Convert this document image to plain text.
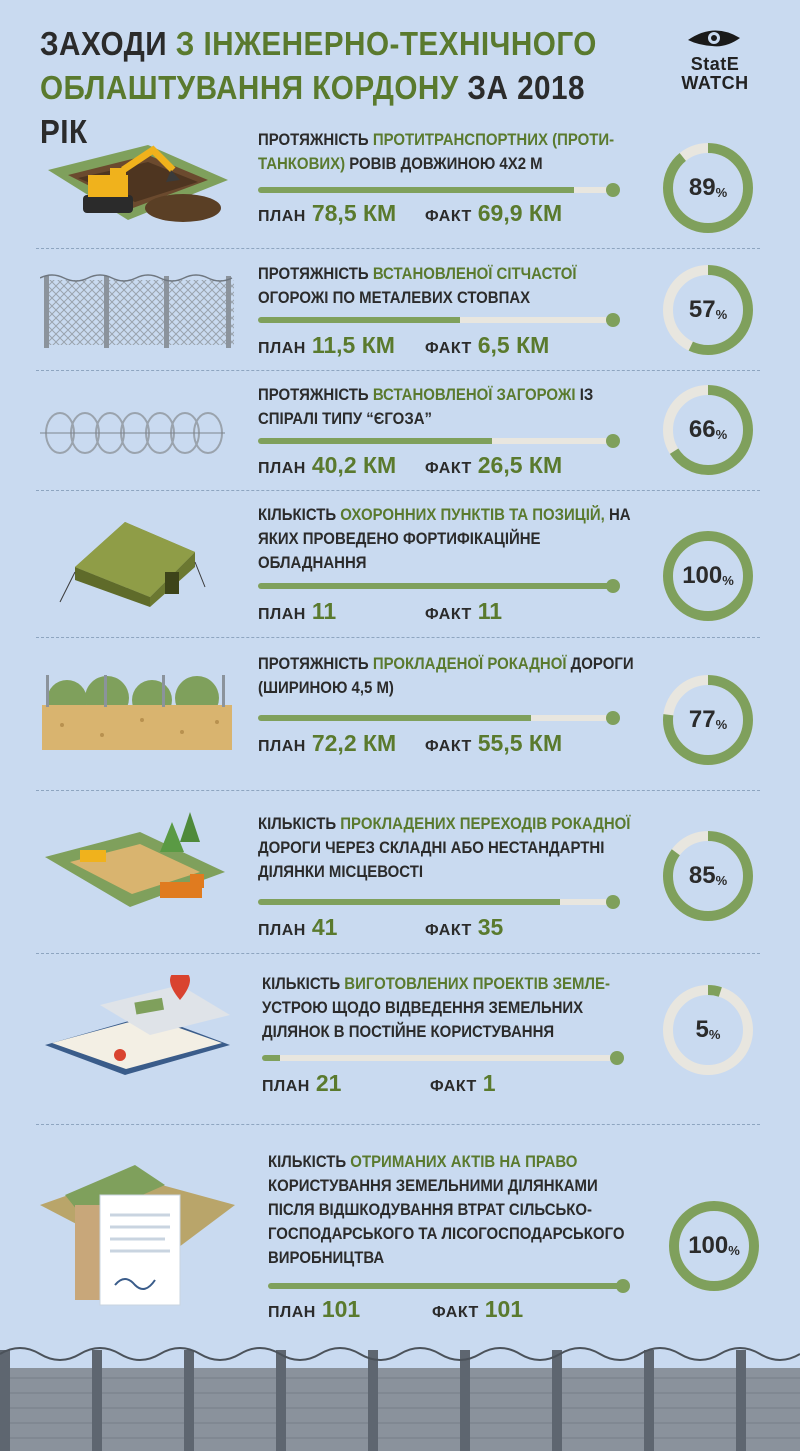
ЗАХОДИ З ІНЖЕНЕРНО-ТЕХНІЧНОГО ОБЛАШТУВАННЯ КОРДОНУ ЗА 2018 РІК
StatE
WATCH
ПРОТЯЖНІСТЬ ПРОТИТРАНСПОРТНИХ (ПРОТИ-ТАНКОВИХ) РОВІВ ДОВЖИНОЮ 4Х2 М
ПЛАН 78,5 КМ ФАКТ 69,9 КМ
89 %
ПРОТЯЖНІСТЬ ВСТАНОВЛЕНОЇ СІТЧАСТОЇ ОГОРОЖІ ПО МЕТАЛЕВИХ СТОВПАХ
ПЛАН 11,5 КМ ФАКТ 6,5 КМ
57 %
ПРОТЯЖНІСТЬ ВСТАНОВЛЕНОЇ ЗАГОРОЖІ ІЗ СПІРАЛІ ТИПУ “ЄГОЗА”
ПЛАН 40,2 КМ ФАКТ 26,5 КМ
66 %
КІЛЬКІСТЬ ОХОРОННИХ ПУНКТІВ ТА ПОЗИЦІЙ, НА ЯКИХ ПРОВЕДЕНО ФОРТИФІКАЦІЙНЕ ОБЛАДНАННЯ
ПЛАН 11	ФАКТ 11
100 %
ПРОТЯЖНІСТЬ ПРОКЛАДЕНОЇ РОКАДНОЇ ДОРОГИ (ШИРИНОЮ 4,5 М)
ПЛАН 72,2 КМ ФАКТ 55,5 КМ
77 %
КІЛЬКІСТЬ ПРОКЛАДЕНИХ ПЕРЕХОДІВ РОКАДНОЇ ДОРОГИ ЧЕРЕЗ СКЛАДНІ АБО НЕСТАНДАРТНІ ДІЛЯНКИ МІСЦЕВОСТІ
ПЛАН 41	ФАКТ 35
85 %
КІЛЬКІСТЬ ВИГОТОВЛЕНИХ ПРОЕКТІВ ЗЕМЛЕ- УСТРОЮ ЩОДО ВІДВЕДЕННЯ ЗЕМЕЛЬНИХ ДІЛЯНОК В ПОСТІЙНЕ КОРИСТУВАННЯ
ПЛАН 21	ФАКТ 1
5 %
КІЛЬКІСТЬ ОТРИМАНИХ АКТІВ НА ПРАВО КОРИСТУВАННЯ ЗЕМЕЛЬНИМИ ДІЛЯНКАМИ ПІСЛЯ ВІДШКОДУВАННЯ ВТРАТ СІЛЬСЬКО-ГОСПОДАРСЬКОГО ТА ЛІСОГОСПОДАРСЬКОГО ВИРОБНИЦТВА
ПЛАН 101	ФАКТ 101
100 %
